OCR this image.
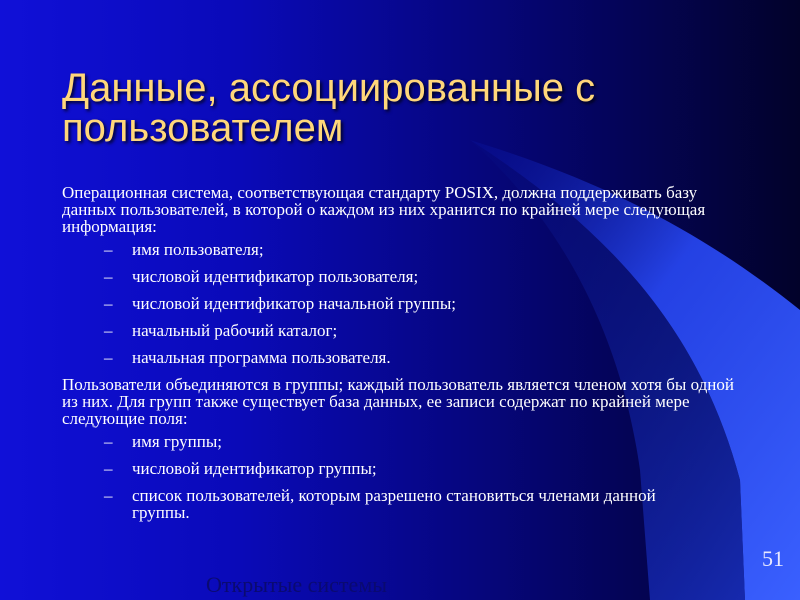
Данные, ассоциированные с пользователем

Операционная система, соответствующая стандарту POSIX, должна поддерживать базу данных пользователей, в которой о каждом из них хранится по крайней мере следующая информация:

– имя пользователя;
– числовой идентификатор пользователя;
– числовой идентификатор начальной группы;
– начальный рабочий каталог;
– начальная программа пользователя.

Пользователи объединяются в группы; каждый пользователь является членом хотя бы одной из них. Для групп также существует база данных, ее записи содержат по крайней мере следующие поля:

– имя группы;
– числовой идентификатор группы;
– список пользователей, которым разрешено становиться членами данной группы.
51
Открытые системы
